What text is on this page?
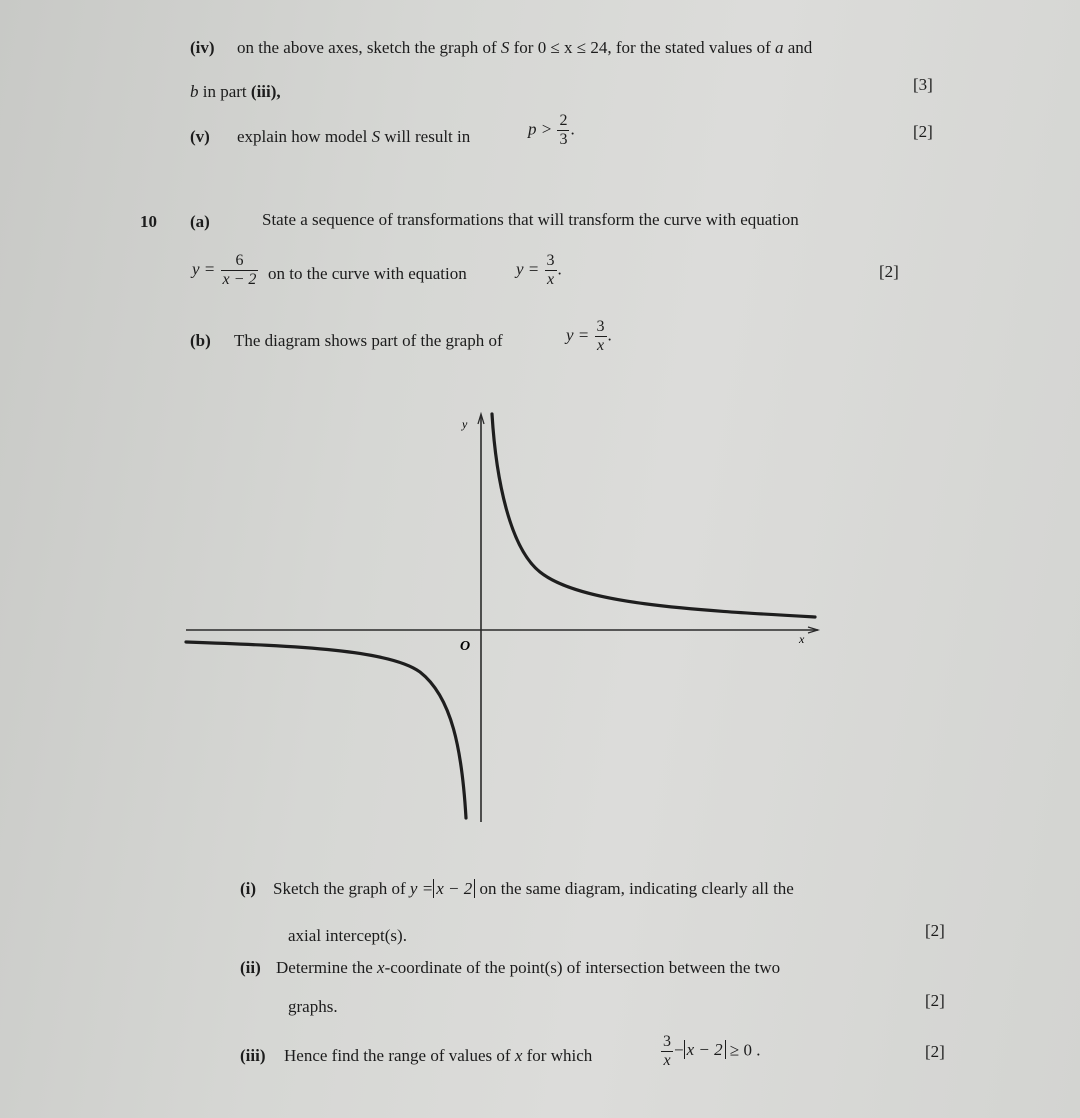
(iv) on the above axes, sketch the graph of S for 0 ≤ x ≤ 24, for the stated values of a and
b in part (iii),	[3]
(v) explain how model S will result in	$p > \frac{2}{3}$ .	[2]
10 (a)	State a sequence of transformations that will transform the curve with equation
$y = \frac{6}{x - 2}$ on to the curve with equation	$y = \frac{3}{x}$ .	[2]
(b) The diagram shows part of the graph of	$y = \frac{3}{x}$ .
y
x
O
(i) Sketch the graph of y = x − 2 on the same diagram, indicating clearly all the
axial intercept(s).	[2]
(ii) Determine the x-coordinate of the point(s) of intersection between the two
graphs.	[2]
(iii) Hence find the range of values of x for which	$\frac{3}{x} - x - 2 \ge 0$ .	[2]
